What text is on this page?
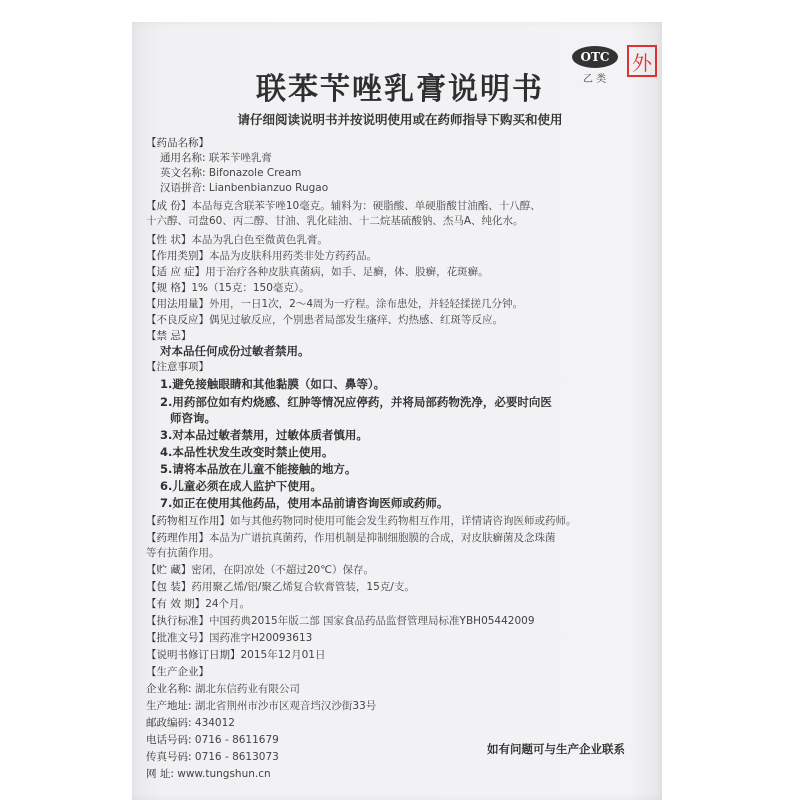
OTC
乙 类
外
联苯苄唑乳膏说明书
请仔细阅读说明书并按说明使用或在药师指导下购买和使用
【药品名称】
通用名称: 联苯苄唑乳膏
英文名称: Bifonazole Cream
汉语拼音: Lianbenbianzuo Rugao
【成 份】本品每克含联苯苄唑10毫克。辅料为：硬脂酸、单硬脂酸甘油酯、十八醇、
十六醇、司盘60、丙二醇、甘油、乳化硅油、十二烷基硫酸钠、杰马A、纯化水。
【性 状】本品为乳白色至微黄色乳膏。
【作用类别】本品为皮肤科用药类非处方药药品。
【适 应 症】用于治疗各种皮肤真菌病，如手、足癣，体、股癣，花斑癣。
【规 格】1%（15克：150毫克）。
【用法用量】外用，一日1次，2～4周为一疗程。涂布患处，并轻轻揉搓几分钟。
【不良反应】偶见过敏反应，个别患者局部发生瘙痒、灼热感、红斑等反应。
【禁 忌】
对本品任何成份过敏者禁用。
【注意事项】
1.避免接触眼睛和其他黏膜（如口、鼻等）。
2.用药部位如有灼烧感、红肿等情况应停药，并将局部药物洗净，必要时向医
师咨询。
3.对本品过敏者禁用，过敏体质者慎用。
4.本品性状发生改变时禁止使用。
5.请将本品放在儿童不能接触的地方。
6.儿童必须在成人监护下使用。
7.如正在使用其他药品，使用本品前请咨询医师或药师。
【药物相互作用】如与其他药物同时使用可能会发生药物相互作用，详情请咨询医师或药师。
【药理作用】本品为广谱抗真菌药，作用机制是抑制细胞膜的合成，对皮肤癣菌及念珠菌
等有抗菌作用。
【贮 藏】密闭，在阴凉处（不超过20℃）保存。
【包 装】药用聚乙烯/铝/聚乙烯复合软膏管装，15克/支。
【有 效 期】24个月。
【执行标准】中国药典2015年版二部 国家食品药品监督管理局标准YBH05442009
【批准文号】国药准字H20093613
【说明书修订日期】2015年12月01日
【生产企业】
企业名称: 湖北东信药业有限公司
生产地址: 湖北省荆州市沙市区观音垱汉沙街33号
邮政编码: 434012
电话号码: 0716 - 8611679
传真号码: 0716 - 8613073
网 址: www.tungshun.cn
如有问题可与生产企业联系
